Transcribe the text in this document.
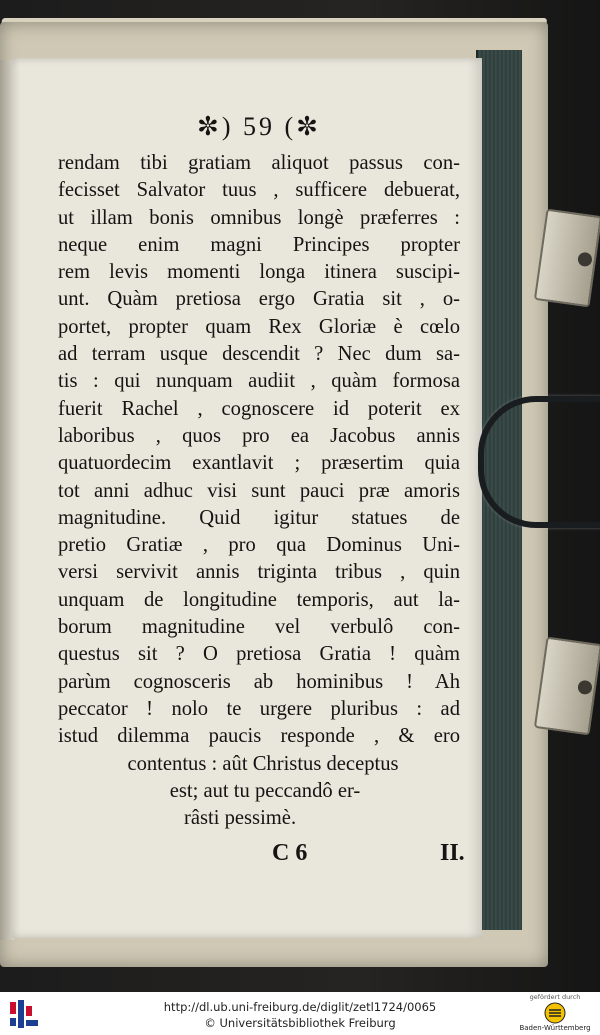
✼) 59 (✼
rendam tibi gratiam aliquot passus con-
fecisset Salvator tuus , sufficere debuerat,
ut illam bonis omnibus longè præferres :
neque enim magni Principes propter
rem levis momenti longa itinera suscipi-
unt. Quàm pretiosa ergo Gratia sit , o-
portet, propter quam Rex Gloriæ è cœlo
ad terram usque descendit ? Nec dum sa-
tis : qui nunquam audiit , quàm formosa
fuerit Rachel , cognoscere id poterit ex
laboribus , quos pro ea Jacobus annis
quatuordecim exantlavit ; præsertim quia
tot anni adhuc visi sunt pauci præ amoris
magnitudine. Quid igitur statues de
pretio Gratiæ , pro qua Dominus Uni-
versi servivit annis triginta tribus , quin
unquam de longitudine temporis, aut la-
borum magnitudine vel verbulô con-
questus sit ? O pretiosa Gratia ! quàm
parùm cognosceris ab hominibus ! Ah
peccator ! nolo te urgere pluribus : ad
istud dilemma paucis responde , & ero
contentus : aût Christus deceptus
est; aut tu peccandô er-
râsti pessimè.
C 6	II.
http://dl.ub.uni-freiburg.de/diglit/zetl1724/0065
© Universitätsbibliothek Freiburg
gefördert durch
Baden-Württemberg
